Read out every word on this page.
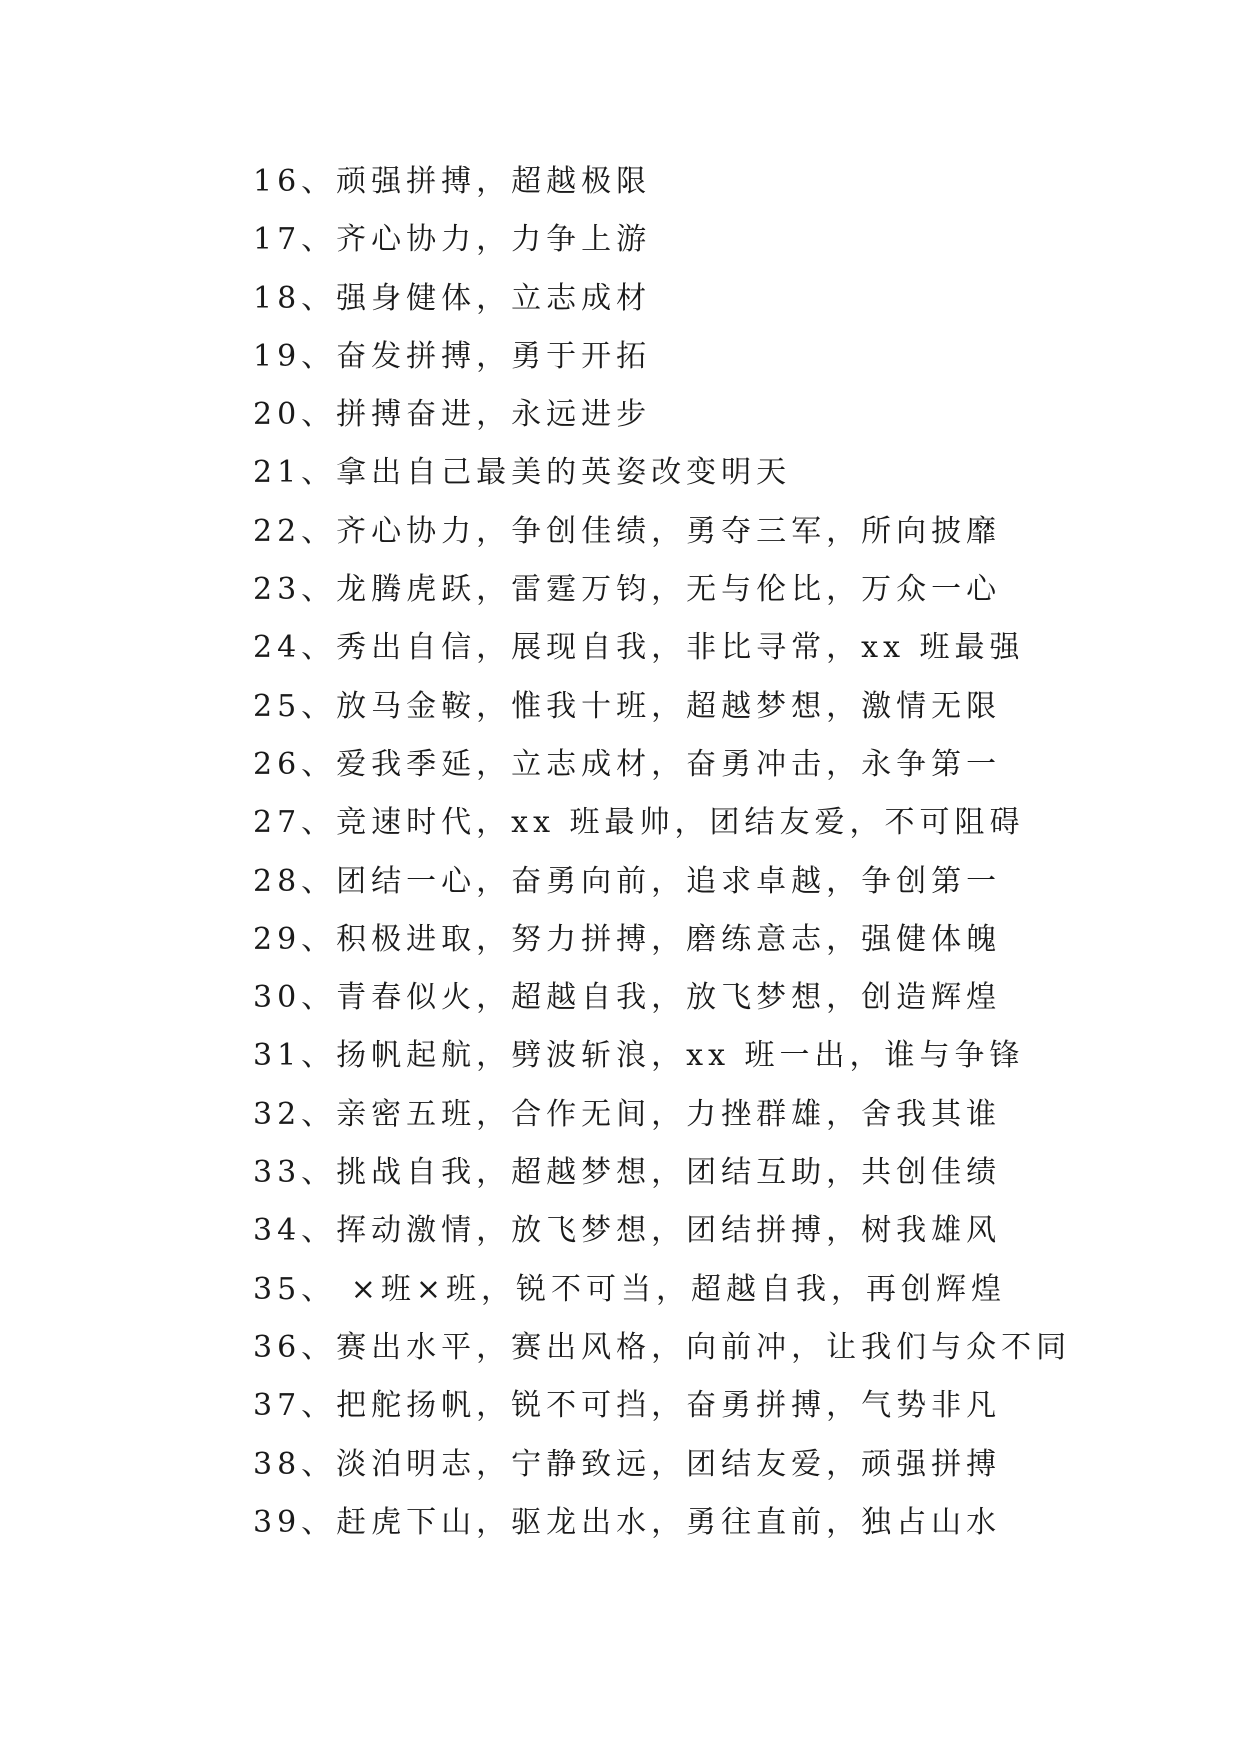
16、顽强拼搏，超越极限
17、齐心协力，力争上游
18、强身健体，立志成材
19、奋发拼搏，勇于开拓
20、拼搏奋进，永远进步
21、拿出自己最美的英姿改变明天
22、齐心协力，争创佳绩，勇夺三军，所向披靡
23、龙腾虎跃，雷霆万钧，无与伦比，万众一心
24、秀出自信，展现自我，非比寻常，xx 班最强
25、放马金鞍，惟我十班，超越梦想，激情无限
26、爱我季延，立志成材，奋勇冲击，永争第一
27、竞速时代，xx 班最帅，团结友爱，不可阻碍
28、团结一心，奋勇向前，追求卓越，争创第一
29、积极进取，努力拼搏，磨练意志，强健体魄
30、青春似火，超越自我，放飞梦想，创造辉煌
31、扬帆起航，劈波斩浪，xx 班一出，谁与争锋
32、亲密五班，合作无间，力挫群雄，舍我其谁
33、挑战自我，超越梦想，团结互助，共创佳绩
34、挥动激情，放飞梦想，团结拼搏，树我雄风
35、 ×班×班，锐不可当，超越自我，再创辉煌
36、赛出水平，赛出风格，向前冲，让我们与众不同
37、把舵扬帆，锐不可挡，奋勇拼搏，气势非凡
38、淡泊明志，宁静致远，团结友爱，顽强拼搏
39、赶虎下山，驱龙出水，勇往直前，独占山水
